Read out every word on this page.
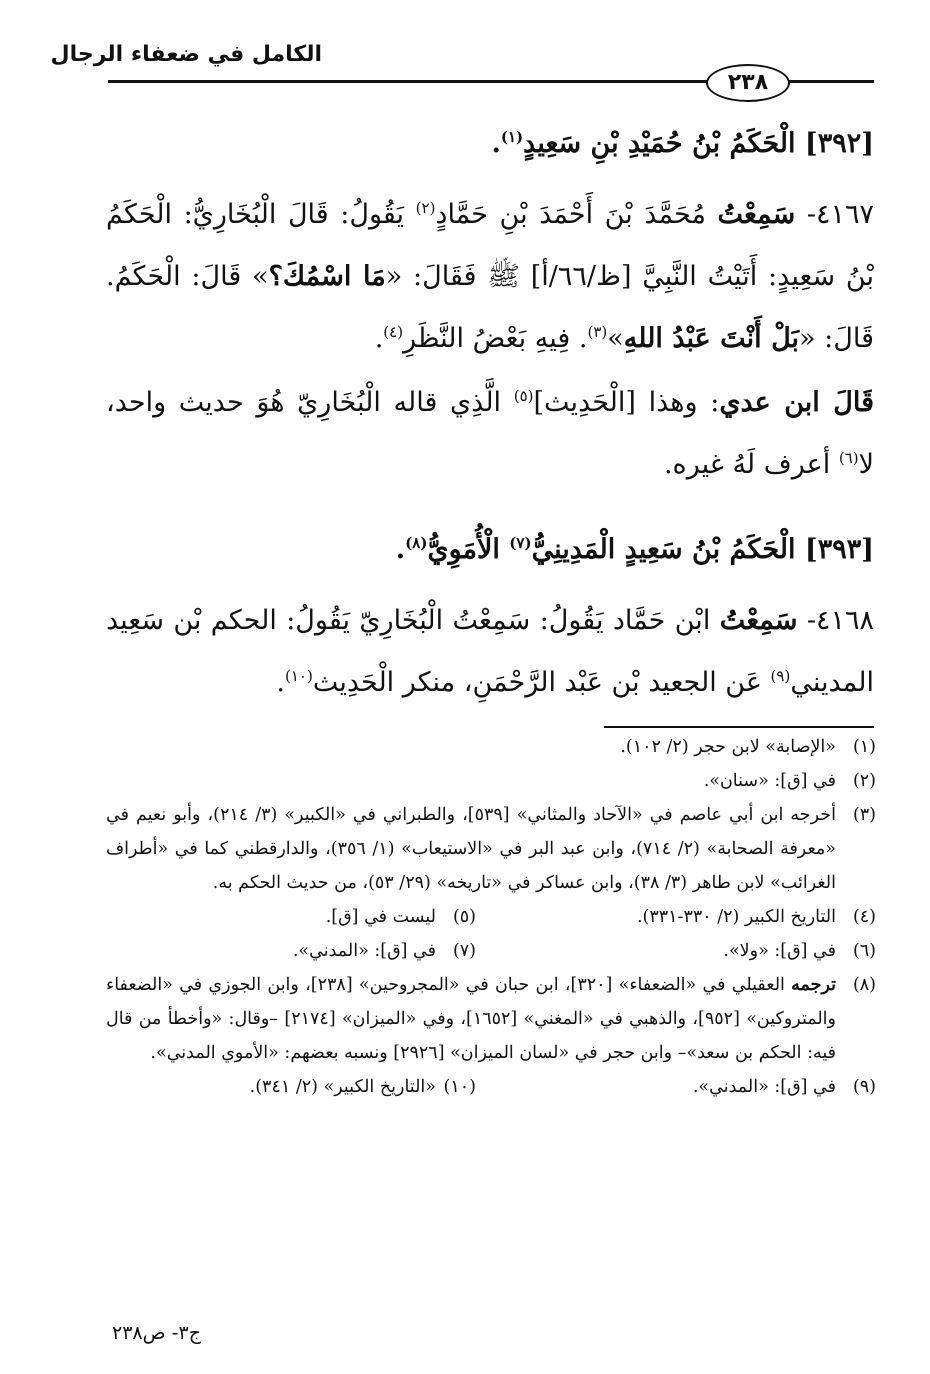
الكامل في ضعفاء الرجال
٢٣٨

[٣٩٢] الْحَكَمُ بْنُ حُمَيْدِ بْنِ سَعِيدٍ$^{(١)}$.

٤١٦٧- سَمِعْتُ مُحَمَّدَ بْنَ أَحْمَدَ بْنِ حَمَّادٍ$^{(٢)}$ يَقُولُ: قَالَ الْبُخَارِيُّ: الْحَكَمُ بْنُ سَعِيدٍ: أَتَيْتُ النَّبِيَّ [ظ/٦٦/أ] ﷺ فَقَالَ: «مَا اسْمُكَ؟» قَالَ: الْحَكَمُ. قَالَ: «بَلْ أَنْتَ عَبْدُ اللهِ»$^{(٣)}$. فِيهِ بَعْضُ النَّظَرِ$^{(٤)}$.

قَالَ ابن عدي: وهذا [الْحَدِيث]$^{(٥)}$ الَّذِي قاله الْبُخَارِيّ هُوَ حديث واحد، لا$^{(٦)}$ أعرف لَهُ غيره.

[٣٩٣] الْحَكَمُ بْنُ سَعِيدٍ الْمَدِينِيُّ$^{(٧)}$ الْأُمَوِيُّ$^{(٨)}$.

٤١٦٨- سَمِعْتُ ابْن حَمَّاد يَقُولُ: سَمِعْتُ الْبُخَارِيّ يَقُولُ: الحكم بْن سَعِيد المديني$^{(٩)}$ عَن الجعيد بْن عَبْد الرَّحْمَنِ، منكر الْحَدِيث$^{(١٠)}$.

(١)
«الإصابة» لابن حجر (٢/ ١٠٢).

(٢)
في [ق]: «سنان».

(٣)
أخرجه ابن أبي عاصم في «الآحاد والمثاني» [٥٣٩]، والطبراني في «الكبير» (٣/ ٢١٤)، وأبو نعيم في «معرفة الصحابة» (٢/ ٧١٤)، وابن عبد البر في «الاستيعاب» (١/ ٣٥٦)، والدارقطني كما في «أطراف الغرائب» لابن طاهر (٣/ ٣٨)، وابن عساكر في «تاريخه» (٢٩/ ٥٣)، من حديث الحكم به.

(٤)
التاريخ الكبير (٢/ ٣٣٠-٣٣١).
(٥)
ليست في [ق].
(٦)
في [ق]: «ولا».
(٧)
في [ق]: «المدني».

(٨)
ترجمه العقيلي في «الضعفاء» [٣٢٠]، ابن حبان في «المجروحين» [٢٣٨]، وابن الجوزي في «الضعفاء والمتروكين» [٩٥٢]، والذهبي في «المغني» [١٦٥٢]، وفي «الميزان» [٢١٧٤] –وقال: «وأخطأ من قال فيه: الحكم بن سعد»– وابن حجر في «لسان الميزان» [٢٩٢٦] ونسبه بعضهم: «الأموي المدني».

(٩)
في [ق]: «المدني».
(١٠)
«التاريخ الكبير» (٢/ ٣٤١).
ج٣- ص٢٣٨
